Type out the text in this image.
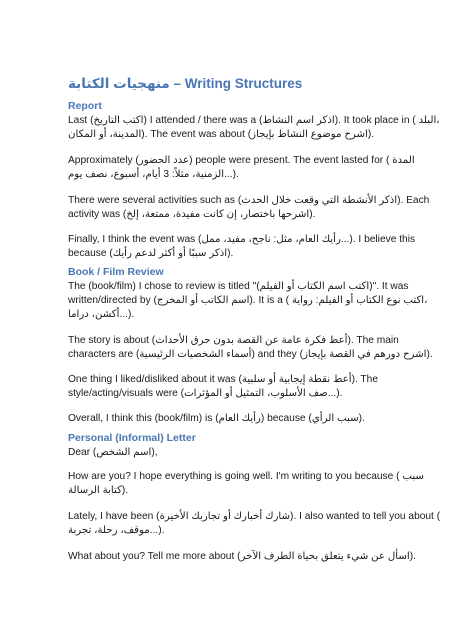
منهجيات الكتابة – Writing Structures
Report
Last (اكتب التاريخ) I attended / there was a (اذكر اسم النشاط). It took place in ( البلد،
المدينة، أو المكان). The event was about (اشرح موضوع النشاط بإيجاز).
Approximately (عدد الحضور) people were present. The event lasted for ( المدة
الزمنية، مثلاً: 3 أيام، أسبوع، نصف يوم...).
There were several activities such as (اذكر الأنشطة التي وقعت خلال الحدث). Each
activity was (اشرحها باختصار، إن كانت مفيدة، ممتعة، إلخ).
Finally, I think the event was (رأيك العام، مثل: ناجح، مفيد، ممل...). I believe this
because (اذكر سببًا أو أكثر لدعم رأيك).
Book / Film Review
The (book/film) I chose to review is titled "(اكتب اسم الكتاب أو الفيلم)". It was
written/directed by (اسم الكاتب أو المخرج). It is a ( اكتب نوع الكتاب أو الفيلم: رواية،
أكشن، دراما...).
The story is about (أعط فكرة عامة عن القصة بدون حرق الأحداث). The main
characters are (أسماء الشخصيات الرئيسية) and they (اشرح دورهم في القصة بإيجاز).
One thing I liked/disliked about it was (أعط نقطة إيجابية أو سلبية). The
style/acting/visuals were (صف الأسلوب، التمثيل أو المؤثرات...).
Overall, I think this (book/film) is (رأيك العام) because (سبب الرأي).
Personal (Informal) Letter
Dear (اسم الشخص),
How are you? I hope everything is going well. I'm writing to you because ( سبب
كتابة الرسالة).
Lately, I have been (شارك أخبارك أو تجاربك الأخيرة). I also wanted to tell you about (
موقف، رحلة، تجربة...).
What about you? Tell me more about (اسأل عن شيء يتعلق بحياة الطرف الآخر).
